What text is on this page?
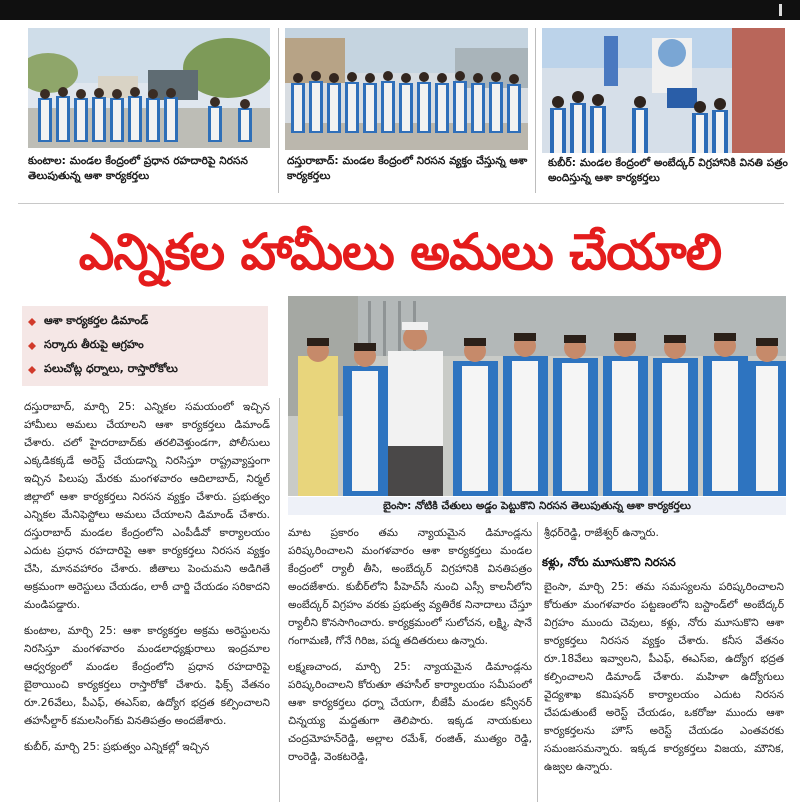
కుంటాల: మండల కేంద్రంలో ప్రధాన రహదారిపై నిరసన తెలుపుతున్న ఆశా కార్యకర్తలు
దస్తురాబాద్: మండల కేంద్రంలో నిరసన వ్యక్తం చేస్తున్న ఆశా కార్యకర్తలు
కుబీర్: మండల కేంద్రంలో అంబేద్కర్ విగ్రహానికి వినతి పత్రం అందిస్తున్న ఆశా కార్యకర్తలు
ఎన్నికల హామీలు అమలు చేయాలి
ఆశా కార్యకర్తల డిమాండ్
సర్కారు తీరుపై ఆగ్రహం
పలుచోట్ల ధర్నాలు, రాస్తారోకోలు
బైంసా: నోటికి చేతులు అడ్డం పెట్టుకొని నిరసన తెలుపుతున్న ఆశా కార్యకర్తలు

దస్తురాబాద్, మార్చి 25: ఎన్నికల సమయంలో ఇచ్చిన హామీలు అమలు చేయాలని ఆశా కార్యకర్తలు డిమాండ్ చేశారు. చలో హైదరాబాద్‌కు తరలివెళ్తుండగా, పోలీసులు ఎక్కడికక్కడే అరెస్ట్ చేయడాన్ని నిరసిస్తూ రాష్ట్రవ్యాప్తంగా ఇచ్చిన పిలుపు మేరకు మంగళవారం ఆదిలాబాద్, నిర్మల్ జిల్లాలో ఆశా కార్యకర్తలు నిరసన వ్యక్తం చేశారు. ప్రభుత్వం ఎన్నికల మేనిఫెస్టోలు అమలు చేయాలని డిమాండ్ చేశారు. దస్తురాబాద్ మండల కేంద్రంలోని ఎంపీడీవో కార్యాలయం ఎదుట ప్రధాన రహదారిపై ఆశా కార్యకర్తలు నిరసన వ్యక్తం చేసి, మానవహారం చేశారు. జీతాలు పెంచుమని అడిగితే అక్రమంగా అరెస్టులు చేయడం, లాఠీ చార్జి చేయడం సరికాదని మండిపడ్డారు.

కుంటాల, మార్చి 25: ఆశా కార్యకర్తల అక్రమ అరెస్టులను నిరసిస్తూ మంగళవారం మండలాధ్యక్షురాలు ఇంద్రమాల ఆధ్వర్యంలో మండల కేంద్రంలోని ప్రధాన రహదారిపై బైఠాయించి కార్యకర్తలు రాస్తారోకో చేశారు. ఫిక్స్ వేతనం రూ.26వేలు, పీఎఫ్, ఈఎస్ఐ, ఉద్యోగ భద్రత కల్పించాలని తహసీల్దార్ కమలసింగ్‌కు వినతిపత్రం అందజేశారు.

కుబీర్, మార్చి 25: ప్రభుత్వం ఎన్నికల్లో ఇచ్చిన

మాట ప్రకారం తమ న్యాయమైన డిమాండ్లను పరిష్కరించాలని మంగళవారం ఆశా కార్యకర్తలు మండల కేంద్రంలో ర్యాలీ తీసి, అంబేద్కర్ విగ్రహానికి వినతిపత్రం అందజేశారు. కుబీర్‌లోని పీహెచ్‌సీ నుంచి ఎస్సీ కాలనీలోని అంబేద్కర్ విగ్రహం వరకు ప్రభుత్వ వ్యతిరేక నినాదాలు చేస్తూ ర్యాలీని కొనసాగించారు. కార్యక్రమంలో సులోచన, లక్ష్మి, షానే గంగామణి, గోనే గిరిజ, పద్మ తదితరులు ఉన్నారు.

లక్ష్మణచాంద, మార్చి 25: న్యాయమైన డిమాండ్లను పరిష్కరించాలని కోరుతూ తహసీల్ కార్యాలయం సమీపంలో ఆశా కార్యకర్తలు ధర్నా చేయగా, బీజేపీ మండల కన్వీనర్ చిన్నయ్య మద్దతుగా తెలిపారు. ఇక్కడ నాయకులు చంద్రమోహన్‌రెడ్డి, అల్లాల రమేశ్, రంజిత్, ముత్యం రెడ్డి, రాంరెడ్డి, వెంకటరెడ్డి,

శ్రీధర్‌రెడ్డి, రాజేశ్వర్ ఉన్నారు.

కళ్లు, నోరు మూసుకొని నిరసన

బైంసా, మార్చి 25: తమ సమస్యలను పరిష్కరించాలని కోరుతూ మంగళవారం పట్టణంలోని బస్టాండ్‌లో అంబేద్కర్ విగ్రహం ముందు చెవులు, కళ్లు, నోరు మూసుకొని ఆశా కార్యకర్తలు నిరసన వ్యక్తం చేశారు. కనీస వేతనం రూ.18వేలు ఇవ్వాలని, పీఎఫ్, ఈఎస్ఐ, ఉద్యోగ భద్రత కల్పించాలని డిమాండ్ చేశారు. మహిళా ఉద్యోగులు వైద్యశాఖ కమిషనర్ కార్యాలయం ఎదుట నిరసన చేపడుతుంటే అరెస్ట్ చేయడం, ఒకరోజు ముందు ఆశా కార్యకర్తలను హౌస్ అరెస్ట్ చేయడం ఎంతవరకు సమంజసమన్నారు. ఇక్కడ కార్యకర్తలు విజయ, మౌనిక, ఉజ్వల ఉన్నారు.
